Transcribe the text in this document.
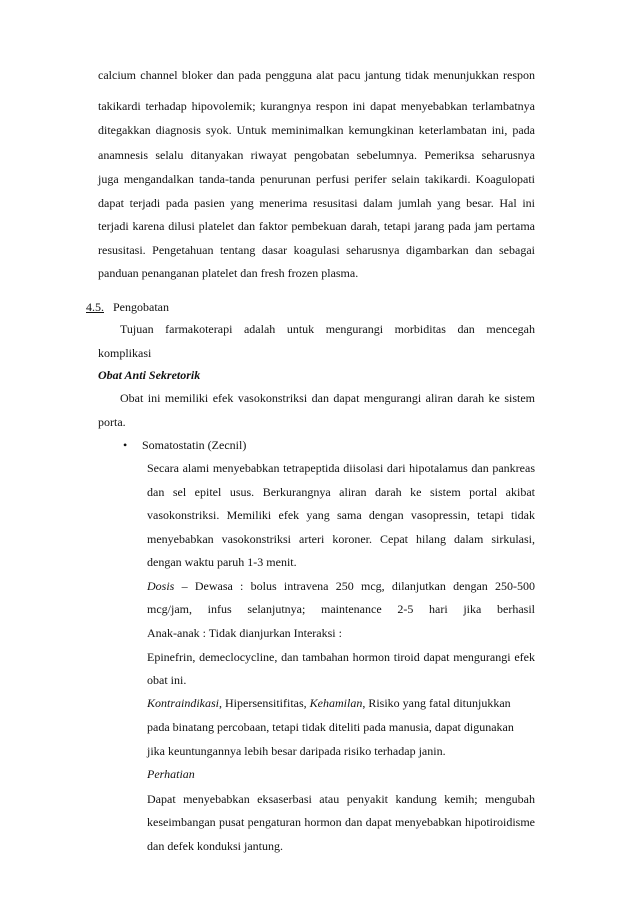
calcium channel bloker dan pada pengguna alat pacu jantung tidak menunjukkan respon
takikardi terhadap hipovolemik; kurangnya respon ini dapat menyebabkan terlambatnya
ditegakkan diagnosis syok. Untuk meminimalkan kemungkinan keterlambatan ini, pada
anamnesis selalu ditanyakan riwayat pengobatan sebelumnya. Pemeriksa seharusnya
juga mengandalkan tanda-tanda penurunan perfusi perifer selain takikardi. Koagulopati
dapat terjadi pada pasien yang menerima resusitasi dalam jumlah yang besar. Hal ini
terjadi karena dilusi platelet dan faktor pembekuan darah, tetapi jarang pada jam pertama
resusitasi. Pengetahuan tentang dasar koagulasi seharusnya digambarkan dan sebagai
panduan penanganan platelet dan fresh frozen plasma.
4.5. Pengobatan
Tujuan farmakoterapi adalah untuk mengurangi morbiditas dan mencegah
komplikasi
Obat Anti Sekretorik
Obat ini memiliki efek vasokonstriksi dan dapat mengurangi aliran darah ke sistem
porta.
• Somatostatin (Zecnil)
Secara alami menyebabkan tetrapeptida diisolasi dari hipotalamus dan pankreas
dan sel epitel usus. Berkurangnya aliran darah ke sistem portal akibat
vasokonstriksi. Memiliki efek yang sama dengan vasopressin, tetapi tidak
menyebabkan vasokonstriksi arteri koroner. Cepat hilang dalam sirkulasi,
dengan waktu paruh 1-3 menit.
Dosis – Dewasa : bolus intravena 250 mcg, dilanjutkan dengan 250-500
mcg/jam, infus selanjutnya; maintenance 2-5 hari jika berhasil
Anak-anak : Tidak dianjurkan Interaksi :
Epinefrin, demeclocycline, dan tambahan hormon tiroid dapat mengurangi efek
obat ini.
Kontraindikasi, Hipersensitifitas, Kehamilan, Risiko yang fatal ditunjukkan
pada binatang percobaan, tetapi tidak diteliti pada manusia, dapat digunakan
jika keuntungannya lebih besar daripada risiko terhadap janin.
Perhatian
Dapat menyebabkan eksaserbasi atau penyakit kandung kemih; mengubah
keseimbangan pusat pengaturan hormon dan dapat menyebabkan hipotiroidisme
dan defek konduksi jantung.
